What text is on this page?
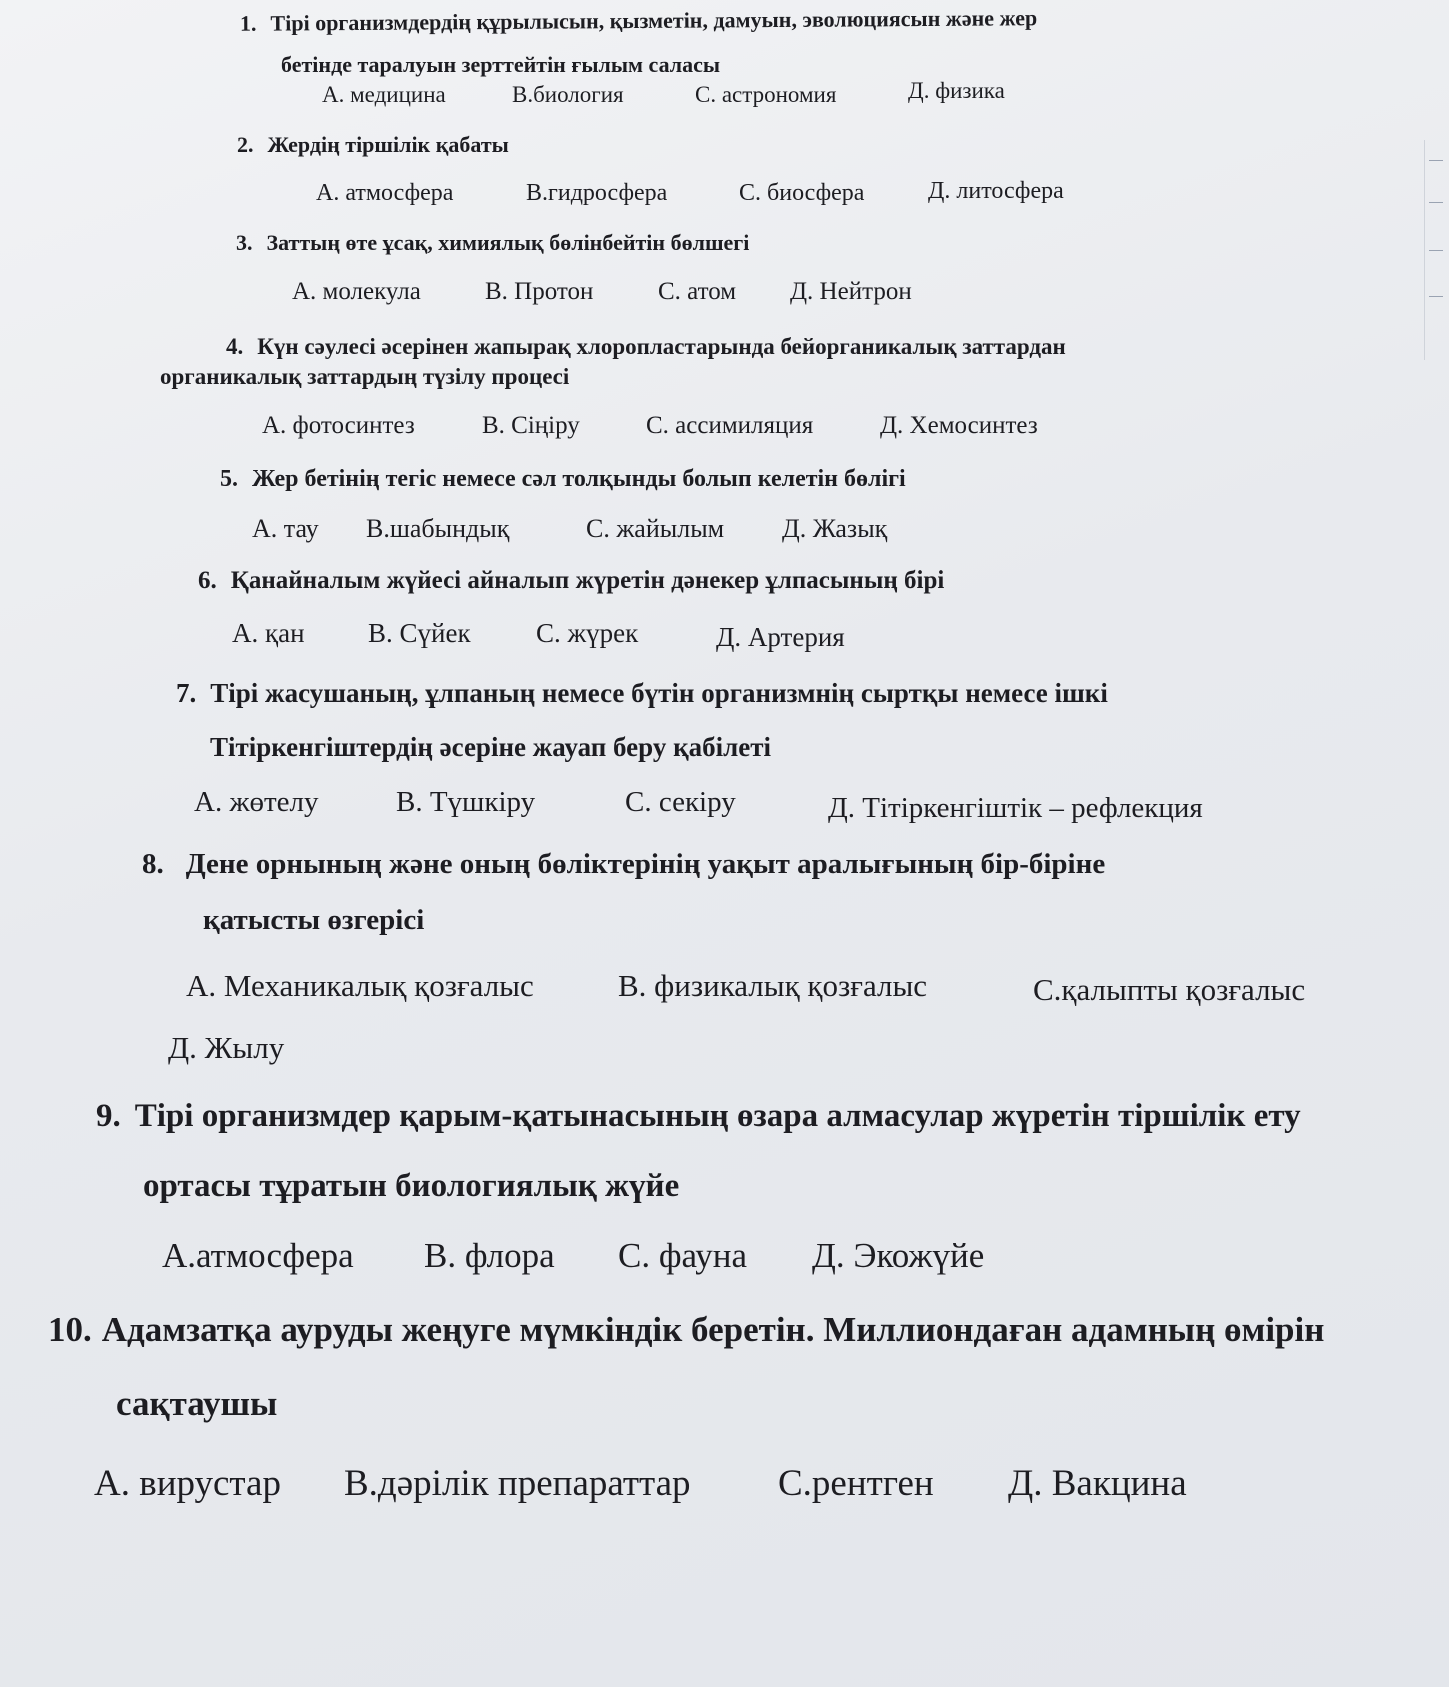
1. Тірі организмдердің құрылысын, қызметін, дамуын, эволюциясын және жер
бетінде таралуын зерттейтін ғылым саласы
А. медицина	В.биология	С. астрономия	Д. физика
2. Жердің тіршілік қабаты
А. атмосфера	В.гидросфера	С. биосфера	Д. литосфера
3. Заттың өте ұсақ, химиялық бөлінбейтін бөлшегі
А. молекула	В. Протон	С. атом Д. Нейтрон
4. Күн сәулесі әсерінен жапырақ хлоропластарында бейорганикалық заттардан
органикалық заттардың түзілу процесі
А. фотосинтез	В. Сіңіру	С. ассимиляция	Д. Хемосинтез
5. Жер бетінің тегіс немесе сәл толқынды болып келетін бөлігі
А. тау В.шабындық	С. жайылым Д. Жазық
6. Қанайналым жүйесі айналып жүретін дәнекер ұлпасының бірі
А. қан В. Сүйек С. жүрек	Д. Артерия
7. Тірі жасушаның, ұлпаның немесе бүтін организмнің сыртқы немесе ішкі
Тітіркенгіштердің әсеріне жауап беру қабілеті
А. жөтелу	В. Түшкіру	С. секіру	Д. Тітіркенгіштік – рефлекция
8. Дене орнының және оның бөліктерінің уақыт аралығының бір-біріне
қатысты өзгерісі
А. Механикалық қозғалыс	В. физикалық қозғалыс	С.қалыпты қозғалыс
Д. Жылу
9. Тірі организмдер қарым-қатынасының өзара алмасулар жүретін тіршілік ету
ортасы тұратын биологиялық жүйе
А.атмосфера В. флора С. фауна Д. Экожүйе
10. Адамзатқа ауруды жеңуге мүмкіндік беретін. Миллиондаған адамның өмірін
сақтаушы
А. вирустар В.дәрілік препараттар С.рентген Д. Вакцина
